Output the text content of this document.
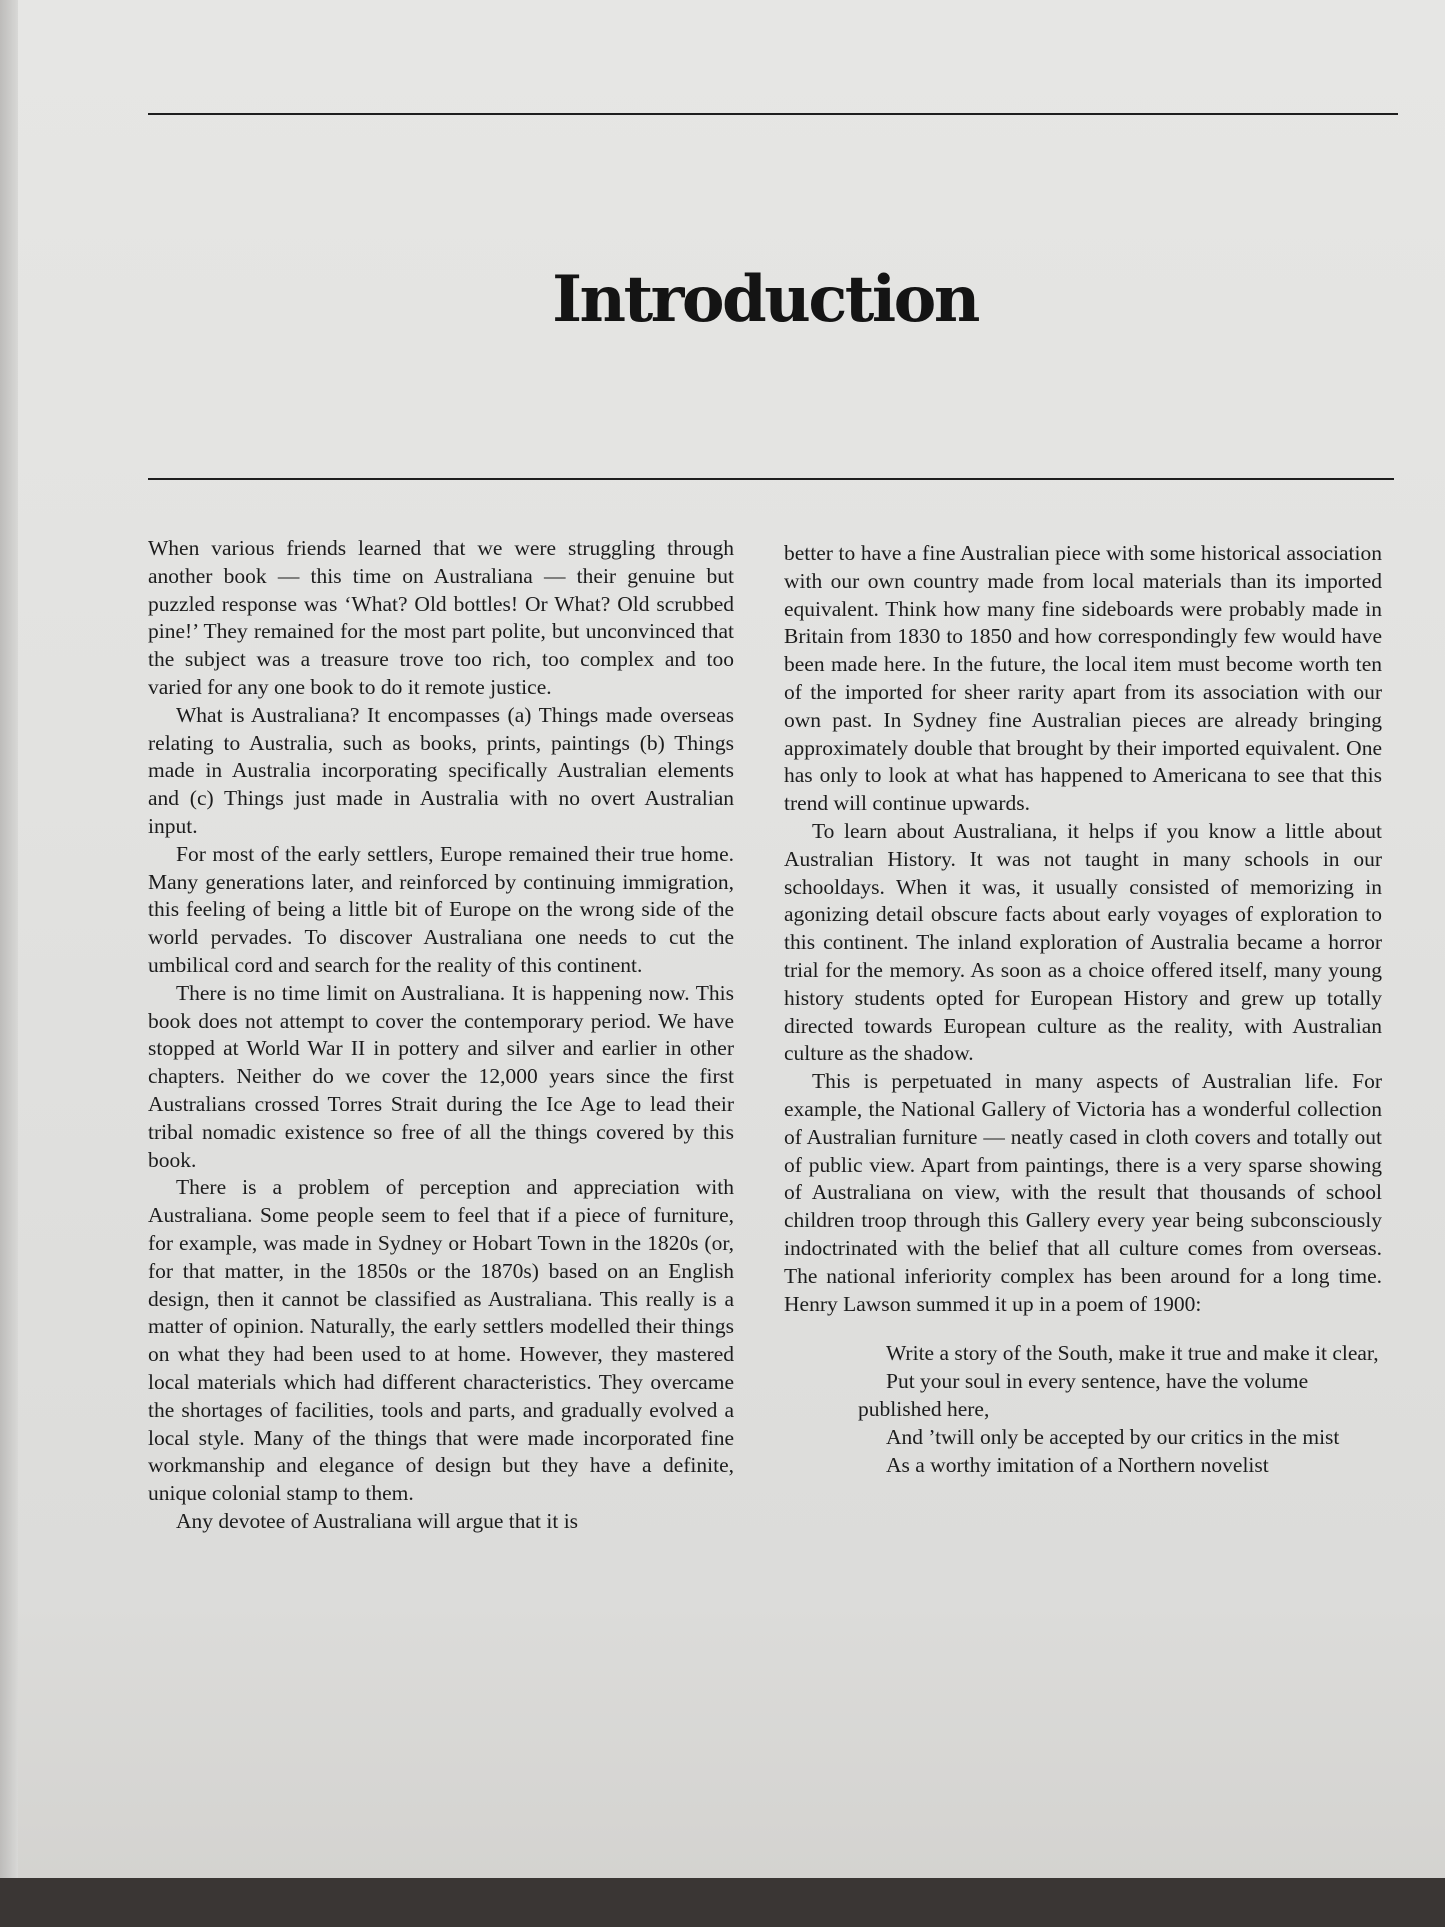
Introduction

When various friends learned that we were struggling through another book — this time on Australiana — their genuine but puzzled response was ‘What? Old bottles! Or What? Old scrubbed pine!’ They remained for the most part polite, but unconvinced that the subject was a treasure trove too rich, too complex and too varied for any one book to do it remote justice.

What is Australiana? It encompasses (a) Things made overseas relating to Australia, such as books, prints, paintings (b) Things made in Australia incorporating specifically Australian elements and (c) Things just made in Australia with no overt Australian input.

For most of the early settlers, Europe remained their true home. Many generations later, and reinforced by continuing immigration, this feeling of being a little bit of Europe on the wrong side of the world pervades. To discover Australiana one needs to cut the umbilical cord and search for the reality of this continent.

There is no time limit on Australiana. It is happening now. This book does not attempt to cover the contemporary period. We have stopped at World War II in pottery and silver and earlier in other chapters. Neither do we cover the 12,000 years since the first Australians crossed Torres Strait during the Ice Age to lead their tribal nomadic existence so free of all the things covered by this book.

There is a problem of perception and appreciation with Australiana. Some people seem to feel that if a piece of furniture, for example, was made in Sydney or Hobart Town in the 1820s (or, for that matter, in the 1850s or the 1870s) based on an English design, then it cannot be classified as Australiana. This really is a matter of opinion. Naturally, the early settlers modelled their things on what they had been used to at home. However, they mastered local materials which had different characteristics. They overcame the shortages of facilities, tools and parts, and gradually evolved a local style. Many of the things that were made incorporated fine workmanship and elegance of design but they have a definite, unique colonial stamp to them.

Any devotee of Australiana will argue that it is

better to have a fine Australian piece with some historical association with our own country made from local materials than its imported equivalent. Think how many fine sideboards were probably made in Britain from 1830 to 1850 and how correspondingly few would have been made here. In the future, the local item must become worth ten of the imported for sheer rarity apart from its association with our own past. In Sydney fine Australian pieces are already bringing approximately double that brought by their imported equivalent. One has only to look at what has happened to Americana to see that this trend will continue upwards.

To learn about Australiana, it helps if you know a little about Australian History. It was not taught in many schools in our schooldays. When it was, it usually consisted of memorizing in agonizing detail obscure facts about early voyages of exploration to this continent. The inland exploration of Australia became a horror trial for the memory. As soon as a choice offered itself, many young history students opted for European History and grew up totally directed towards European culture as the reality, with Australian culture as the shadow.

This is perpetuated in many aspects of Australian life. For example, the National Gallery of Victoria has a wonderful collection of Australian furniture — neatly cased in cloth covers and totally out of public view. Apart from paintings, there is a very sparse showing of Australiana on view, with the result that thousands of school children troop through this Gallery every year being subconsciously indoctrinated with the belief that all culture comes from overseas. The national inferiority complex has been around for a long time. Henry Lawson summed it up in a poem of 1900:

Write a story of the South, make it true and make it clear,

Put your soul in every sentence, have the volume published here,

And ’twill only be accepted by our critics in the mist

As a worthy imitation of a Northern novelist
